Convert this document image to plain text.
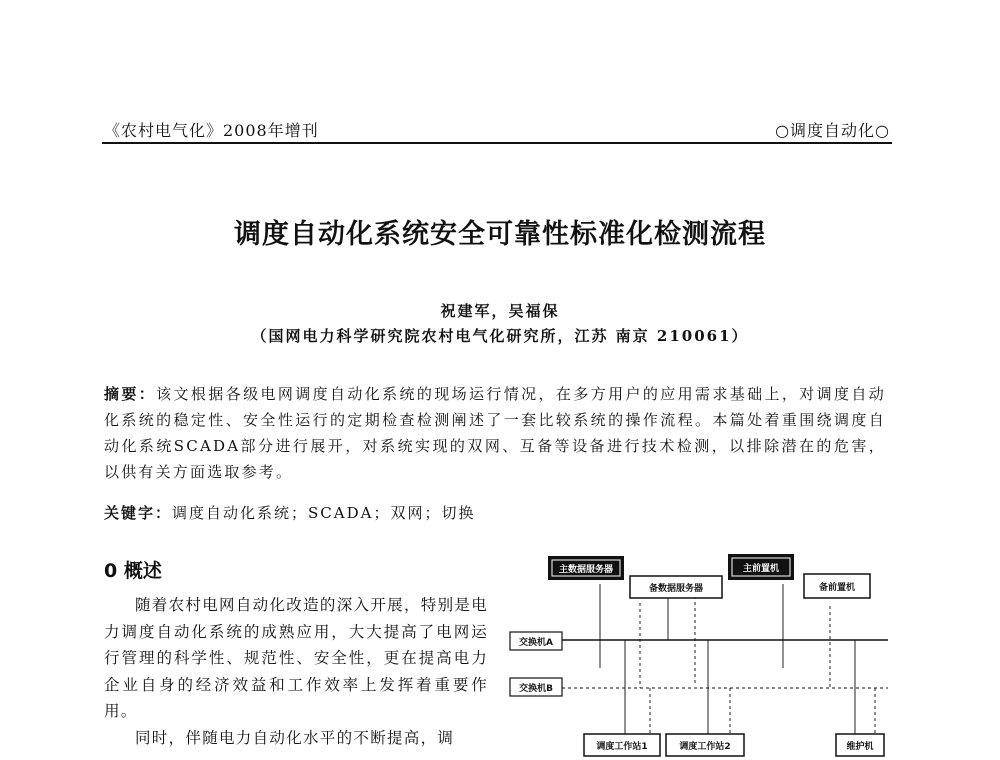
《农村电气化》2008年增刊	○调度自动化○
调度自动化系统安全可靠性标准化检测流程
祝建军，吴福保
（国网电力科学研究院农村电气化研究所，江苏 南京 210061）
摘要：该文根据各级电网调度自动化系统的现场运行情况，在多方用户的应用需求基础上，对调度自动化系统的稳定性、安全性运行的定期检查检测阐述了一套比较系统的操作流程。本篇处着重围绕调度自动化系统SCADA部分进行展开，对系统实现的双网、互备等设备进行技术检测，以排除潜在的危害，以供有关方面选取参考。
关键字：调度自动化系统；SCADA；双网；切换
0 概述

随着农村电网自动化改造的深入开展，特别是电力调度自动化系统的成熟应用，大大提高了电网运行管理的科学性、规范性、安全性，更在提高电力企业自身的经济效益和工作效率上发挥着重要作用。

同时，伴随电力自动化水平的不断提高，调

主数据服务器
备数据服务器
主前置机
备前置机
交换机A
交换机B
调度工作站1	调度工作站2	维护机
